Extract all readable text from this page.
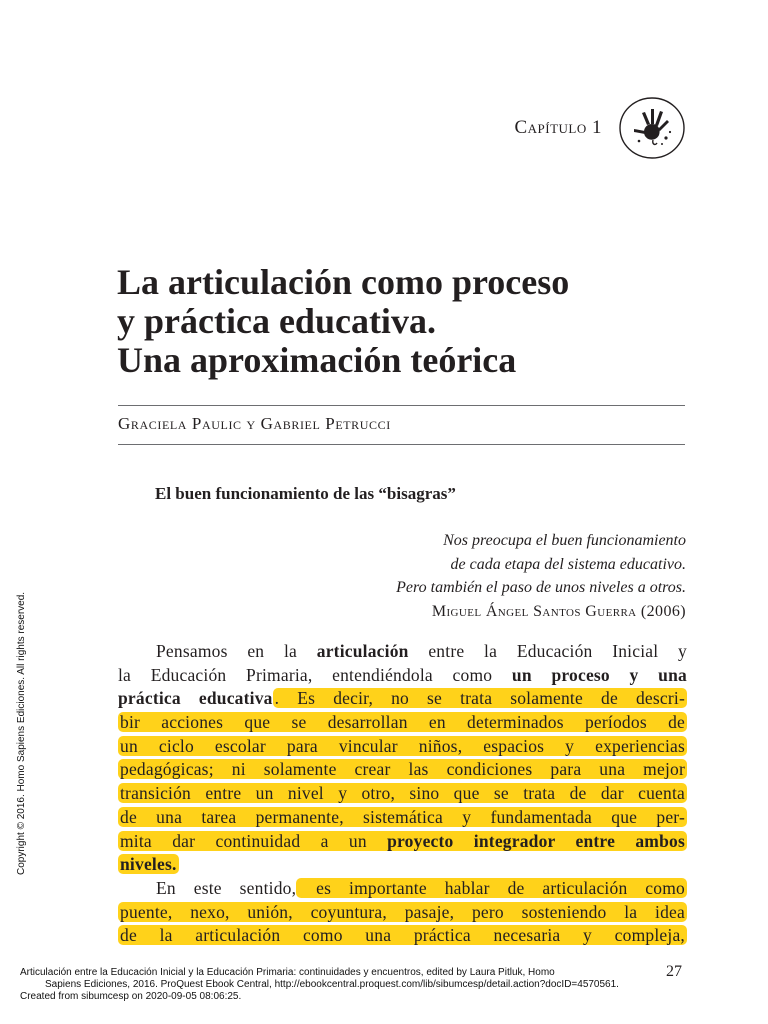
Capítulo 1
La articulación como proceso
y práctica educativa.
Una aproximación teórica
Graciela Paulic y Gabriel Petrucci
El buen funcionamiento de las “bisagras”
Nos preocupa el buen funcionamiento
de cada etapa del sistema educativo.
Pero también el paso de unos niveles a otros.
Miguel Ángel Santos Guerra (2006)
Pensamos en la articulación entre la Educación Inicial y
la Educación Primaria, entendiéndola como un proceso y una
práctica educativa . Es decir, no se trata solamente de descri-
bir acciones que se desarrollan en determinados períodos de
un ciclo escolar para vincular niños, espacios y experiencias
pedagógicas; ni solamente crear las condiciones para una mejor
transición entre un nivel y otro, sino que se trata de dar cuenta
de una tarea permanente, sistemática y fundamentada que per-
mita dar continuidad a un proyecto integrador entre ambos
niveles.
En este sentido, es importante hablar de articulación como
puente, nexo, unión, coyuntura, pasaje, pero sosteniendo la idea
de la articulación como una práctica necesaria y compleja,
Copyright © 2016. Homo Sapiens Ediciones. All rights reserved.
27
Articulación entre la Educación Inicial y la Educación Primaria: continuidades y encuentros, edited by Laura Pitluk, Homo
Sapiens Ediciones, 2016. ProQuest Ebook Central, http://ebookcentral.proquest.com/lib/sibumcesp/detail.action?docID=4570561.
Created from sibumcesp on 2020-09-05 08:06:25.
